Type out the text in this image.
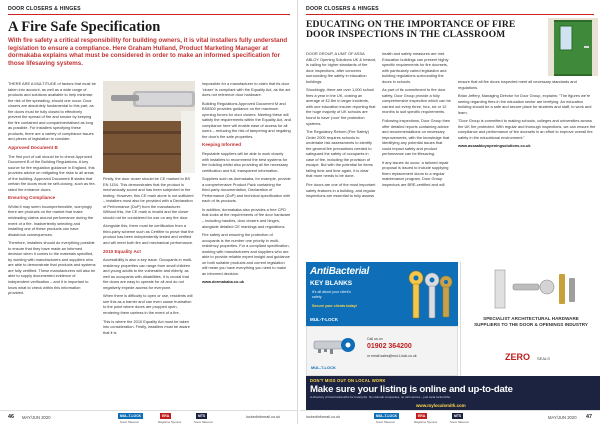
DOOR CLOSERS & HINGES
A Fire Safe Specification
With fire safety a critical responsibility for building owners, it is vital installers fully understand legislation to ensure a compliance. Here Graham Hulland, Product Marketing Manager at dormakaba explains what must be considered in order to make an informed specification for those lifesaving systems.

THERE ARE A MULTITUDE of factors that must be taken into account, as well as a wide range of products and solutions available to help minimise the risk of fire spreading, should one occur. Door closers are absolutely fundamental to this part, as fire doors must be fully closed to effectively prevent the spread of fire and smoke by keeping the fire contained and compartmentalised as long as possible. For installers specifying these products, there are a variety of compliance issues and pieces of legislation to consider.

Approved Document B

The first port of call should be to check Approved Document B of the Building Regulations. A key source for fire regulation guidance in England, this provides advice on mitigating the risks to all areas of the building. Approved Document B states that certain fire doors must be self-closing, such as fire-rated fire entrance doors.

Ensuring Compliance

Whilst it may seem incomprehensible, worryingly there are products on the market that make misleading claims around performance during the event of a fire. Inadvertently selecting and installing one of these products can have disastrous consequences.

Therefore, installers should do everything possible to ensure that they have made an informed decision when it comes to the materials specified, by working with manufacturers and suppliers who are able to demonstrate that products and systems are fully certified. These manufacturers will also be able to supply documented evidence of independent verification – and it is important to know what to check within this information provided.

Firstly, the door closer should be CE marked to BS EN 1154. This demonstrates that the product is mechanically sound and has been subjected to fire testing. However, this CE mark alone is not sufficient – installers must also be provided with a Declaration of Performance (DoP) from the manufacturer. Without this, the CE mark is invalid and the closer should not be considered for use on any fire door.

Alongside this, there must be certification from a third-party scheme such as Certifire to prove that the product has been independently tested and verified and will meet both fire and mechanical performance.

2010 Equality Act

Accessibility is also a key issue. Occupants in multi-residency properties can range from small children and young adults to the vulnerable and elderly, as well as occupants with disabilities. It is crucial that fire doors are easy to operate for all and do not negatively impede access for everyone.

When there is difficulty to open or use, residents will see this as a barrier and can even cause frustration to the point where doors are propped open, rendering them useless in the event of a fire.

This is where the 2010 Equality Act must be taken into consideration. Firstly, installers must be aware that it is

impossible for a manufacturer to claim that its door 'closer' is compliant with the Equality Act, as the act does not reference door hardware.

Building Regulations Approved Document M and BS8300 provides guidance on the maximum opening forces for door closers. Meeting these will satisfy the requirements within the Equality Act, and compliance here will enable ease of access for all users – reducing the risk of tampering and negating the door's fire safe properties.

Keeping Informed

Reputable suppliers will be able to work closely with installers to recommend the best systems for the building whilst also providing all the necessary certification and full, transparent information.

Suppliers such as dormakaba, for example, provide a comprehensive Product Pack containing the third-party documentation, Declaration of Performance (DoP) and technical specification with each of its products.

In addition, dormakaba also provides a free CPD that looks at the requirements of fire door hardware – including handles, door closers and hinges, alongside detailed CE markings and regulations.

Fire safety and ensuring the protection of occupants is the number one priority in multi-residency properties. For a compliant specification, working with manufacturers and suppliers who are able to provide reliable expert insight and guidance on both suitable products and current legislation will mean you have everything you need to make an informed decision.

www.dormakaba.co.uk

46 MAY/JUN 2020	MUL-T-LOCK
Snow Takeover
ERA
Magazine Sponsor
MTS
Snow Takeover
lockedinfomail.co.uk
DOOR CLOSERS & HINGES
EDUCATING ON THE IMPORTANCE OF FIRE DOOR INSPECTIONS IN THE CLASSROOM

DOOR GROUP, A UNIT OF ASSA ABLOY Opening Solutions UK & Ireland, is calling for higher standards of fire door inspections, after concerns surrounding fire safety in education buildings.

Shockingly, there are over 1,000 school fires a year in the UK, costing an average of £2.8m in larger incidents, with one education insurer reporting that the huge majority of UK schools are found to have 'poor' fire protection systems.

The Regulatory Reform (Fire Safety) Order 2005 requires schools to undertake risk assessments to identify the general fire precautions needed to safeguard the safety of occupants in case of fire, including the provision of escape. But with the potential for items falling time and time again, it is clear that more needs to be done.

Fire doors are one of the most important safety features in a building, and regular inspections are essential to fully assess

health and safety measures are met. Education buildings can present highly specific requirements for fire doorsets, with particularly varied legislation and building regulations surrounding the doors in schools.

As part of its commitment to fire door safety, Door Group provide a fully comprehensive inspection which can be carried out every three, four, six or 12 months to suit specific requirements.

Following inspections, Door Group then offer detailed reports containing advice and recommendations on necessary improvements, with the knowledge that identifying any potential issues that could impact safety and product performance can be lifesaving.

If any issues do occur, a tailored repair proposal is issued to include supplying them replacement doors to a regular maintenance program. Door Group inspectors are BRE-certified and will

ensure that all fire doors inspected meet all necessary standards and regulations.

Brian Jeffery, Managing Director for Door Group, explains: "The figures we're seeing regarding fires in the education sector are terrifying. An education building should be a safe and secure place for students and staff, to work and learn.

"Door Group is committed to making schools, colleges and universities across the UK fire protected. With regular and thorough inspections, we can ensure the compliance and performance of fire doorsets in an effort to improve overall fire safety in the educational environment."

www.assaabloyopeningsolutions.co.uk

MAY/JUN 2020 47
MUL-T-LOCK
Snow Takeover
ERA
Magazine Sponsor
MTS
Snow Takeover
lockedinfomail.co.uk
AntiBacterial
KEY BLANKS
It's all about your client's safety
Secure your clients today!
MUL-T-LOCK
MUL-T-LOCK
Call us on
01902 364200
or email sales@mul-t-lock.co.uk
SPECIALIST ARCHITECTURAL HARDWARE SUPPLIERS TO THE DOOR & OPENINGS INDUSTRY
ZERO SEALS
DON'T MISS OUT ON LOCAL WORK
Make sure your listing is online and up-to-date
A directory of local locksmiths for local jobs. No national companies, no call centres – just local locksmiths.
www.mylocalsmith.com
